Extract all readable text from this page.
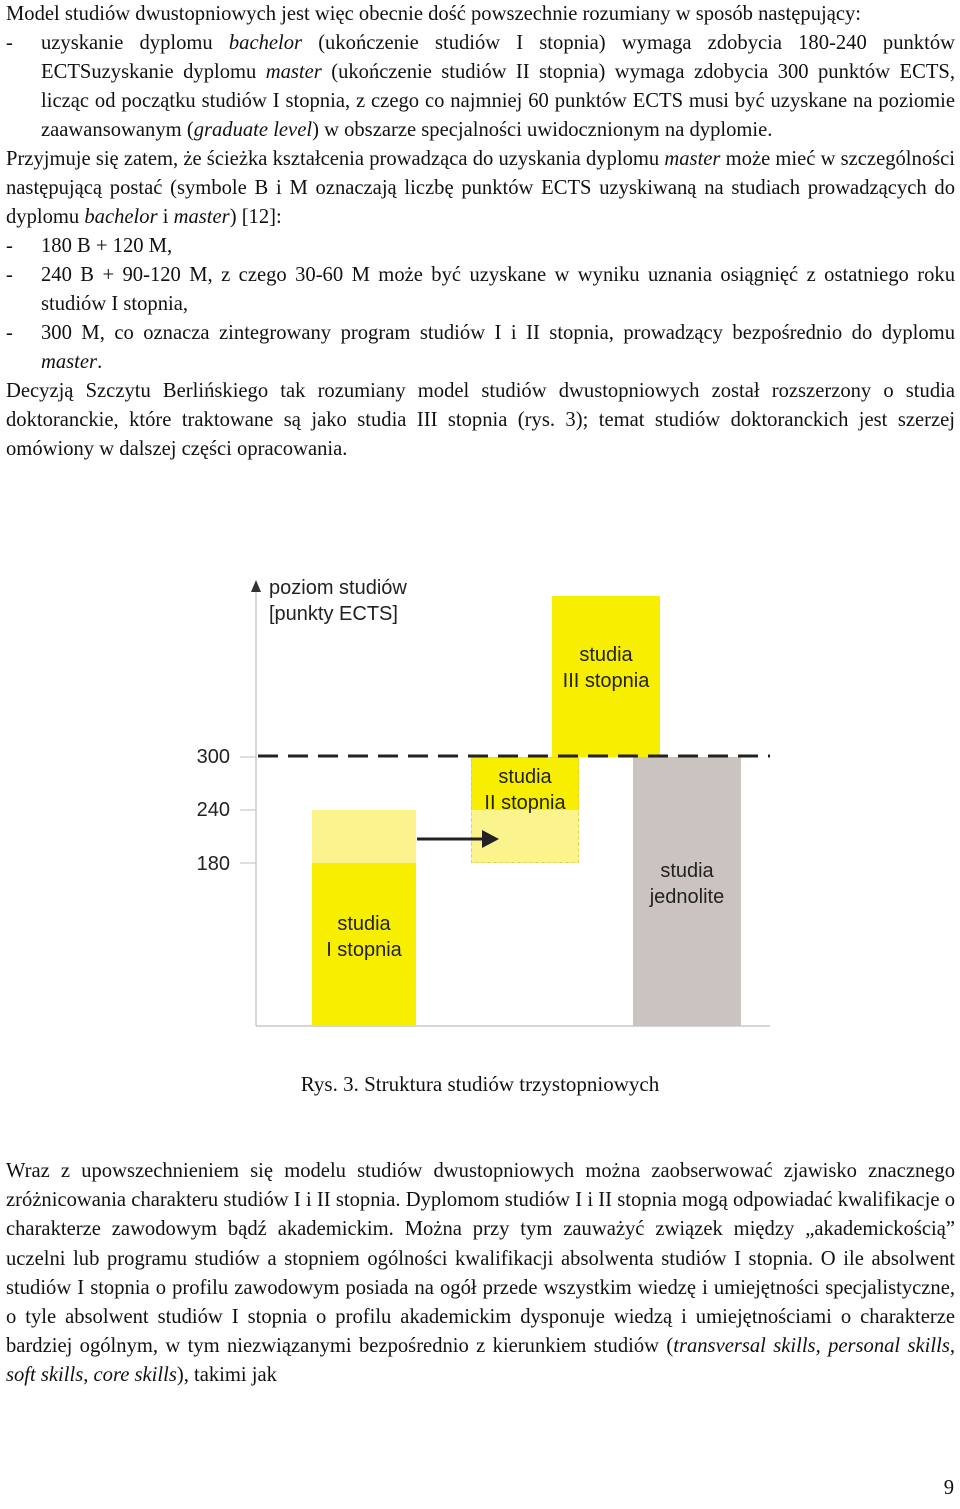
Model studiów dwustopniowych jest więc obecnie dość powszechnie rozumiany w sposób następujący:

-	uzyskanie dyplomu bachelor (ukończenie studiów I stopnia) wymaga zdobycia 180-240 punktów ECTSuzyskanie dyplomu master (ukończenie studiów II stopnia) wymaga zdobycia 300 punktów ECTS, licząc od początku studiów I stopnia, z czego co najmniej 60 punktów ECTS musi być uzyskane na poziomie zaawansowanym (graduate level) w obszarze specjalności uwidocznionym na dyplomie.

Przyjmuje się zatem, że ścieżka kształcenia prowadząca do uzyskania dyplomu master może mieć w szczególności następującą postać (symbole B i M oznaczają liczbę punktów ECTS uzyskiwaną na studiach prowadzących do dyplomu bachelor i master) [12]:

-	180 B + 120 M,
-	240 B + 90-120 M, z czego 30-60 M może być uzyskane w wyniku uznania osiągnięć z ostatniego roku studiów I stopnia,
-	300 M, co oznacza zintegrowany program studiów I i II stopnia, prowadzący bezpośrednio do dyplomu master.

Decyzją Szczytu Berlińskiego tak rozumiany model studiów dwustopniowych został rozszerzony o studia doktoranckie, które traktowane są jako studia III stopnia (rys. 3); temat studiów doktoranckich jest szerzej omówiony w dalszej części opracowania.

poziom studiów
[punkty ECTS]
300
240
180
studia
I stopnia
studia
II stopnia
studia
III stopnia
studia
jednolite
Rys. 3. Struktura studiów trzystopniowych

Wraz z upowszechnieniem się modelu studiów dwustopniowych można zaobserwować zjawisko znacznego zróżnicowania charakteru studiów I i II stopnia. Dyplomom studiów I i II stopnia mogą odpowiadać kwalifikacje o charakterze zawodowym bądź akademickim. Można przy tym zauważyć związek między „akademickością” uczelni lub programu studiów a stopniem ogólności kwalifikacji absolwenta studiów I stopnia. O ile absolwent studiów I stopnia o profilu zawodowym posiada na ogół przede wszystkim wiedzę i umiejętności specjalistyczne, o tyle absolwent studiów I stopnia o profilu akademickim dysponuje wiedzą i umiejętnościami o charakterze bardziej ogólnym, w tym niezwiązanymi bezpośrednio z kierunkiem studiów (transversal skills, personal skills, soft skills, core skills), takimi jak

9
